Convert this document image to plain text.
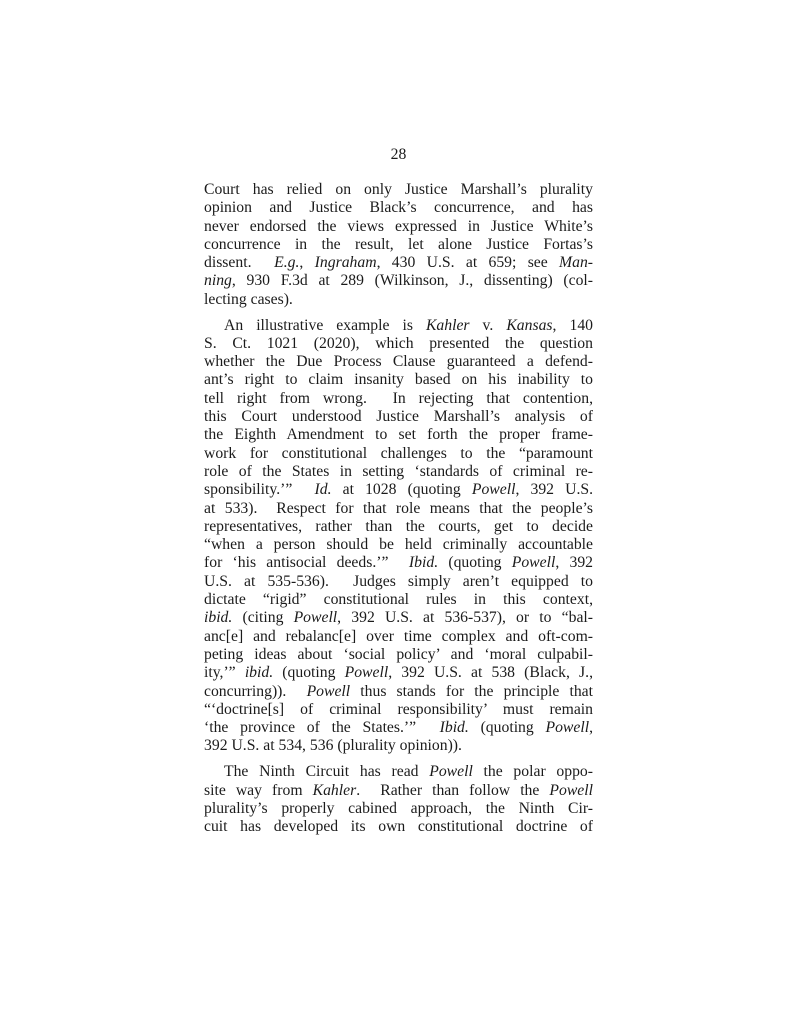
28
Court has relied on only Justice Marshall’s plurality
opinion and Justice Black’s concurrence, and has
never endorsed the views expressed in Justice White’s
concurrence in the result, let alone Justice Fortas’s
dissent.  E.g., Ingraham, 430 U.S. at 659; see Man-
ning, 930 F.3d at 289 (Wilkinson, J., dissenting) (col-
lecting cases).
An illustrative example is Kahler v. Kansas, 140
S. Ct. 1021 (2020), which presented the question
whether the Due Process Clause guaranteed a defend-
ant’s right to claim insanity based on his inability to
tell right from wrong.  In rejecting that contention,
this Court understood Justice Marshall’s analysis of
the Eighth Amendment to set forth the proper frame-
work for constitutional challenges to the “paramount
role of the States in setting ‘standards of criminal re-
sponsibility.’”  Id. at 1028 (quoting Powell, 392 U.S.
at 533).  Respect for that role means that the people’s
representatives, rather than the courts, get to decide
“when a person should be held criminally accountable
for ‘his antisocial deeds.’”  Ibid. (quoting Powell, 392
U.S. at 535-536).  Judges simply aren’t equipped to
dictate “rigid” constitutional rules in this context,
ibid. (citing Powell, 392 U.S. at 536-537), or to “bal-
anc[e] and rebalanc[e] over time complex and oft-com-
peting ideas about ‘social policy’ and ‘moral culpabil-
ity,’” ibid. (quoting Powell, 392 U.S. at 538 (Black, J.,
concurring)).  Powell thus stands for the principle that
“‘doctrine[s] of criminal responsibility’ must remain
‘the province of the States.’”  Ibid. (quoting Powell,
392 U.S. at 534, 536 (plurality opinion)).
The Ninth Circuit has read Powell the polar oppo-
site way from Kahler.  Rather than follow the Powell
plurality’s properly cabined approach, the Ninth Cir-
cuit has developed its own constitutional doctrine of
